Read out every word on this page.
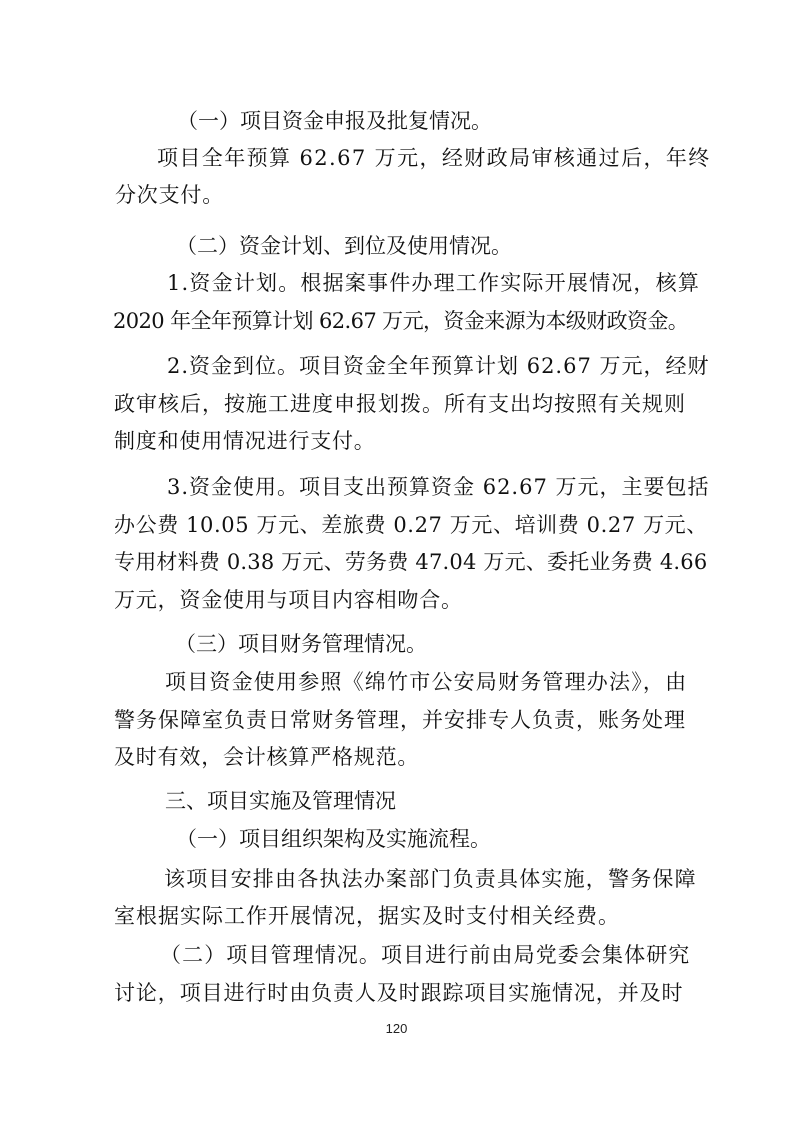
（一）项目资金申报及批复情况。

项目全年预算 62.67 万元，经财政局审核通过后，年终

分次支付。

（二）资金计划、到位及使用情况。

1.资金计划。根据案事件办理工作实际开展情况，核算

2020 年全年预算计划 62.67 万元，资金来源为本级财政资金。

2.资金到位。项目资金全年预算计划 62.67 万元，经财

政审核后，按施工进度申报划拨。所有支出均按照有关规则

制度和使用情况进行支付。

3.资金使用。项目支出预算资金 62.67 万元，主要包括

办公费 10.05 万元、差旅费 0.27 万元、培训费 0.27 万元、

专用材料费 0.38 万元、劳务费 47.04 万元、委托业务费 4.66

万元，资金使用与项目内容相吻合。

（三）项目财务管理情况。

项目资金使用参照《绵竹市公安局财务管理办法》，由

警务保障室负责日常财务管理，并安排专人负责，账务处理

及时有效，会计核算严格规范。

三、项目实施及管理情况

（一）项目组织架构及实施流程。

该项目安排由各执法办案部门负责具体实施，警务保障

室根据实际工作开展情况，据实及时支付相关经费。

（二）项目管理情况。项目进行前由局党委会集体研究

讨论，项目进行时由负责人及时跟踪项目实施情况，并及时

120
